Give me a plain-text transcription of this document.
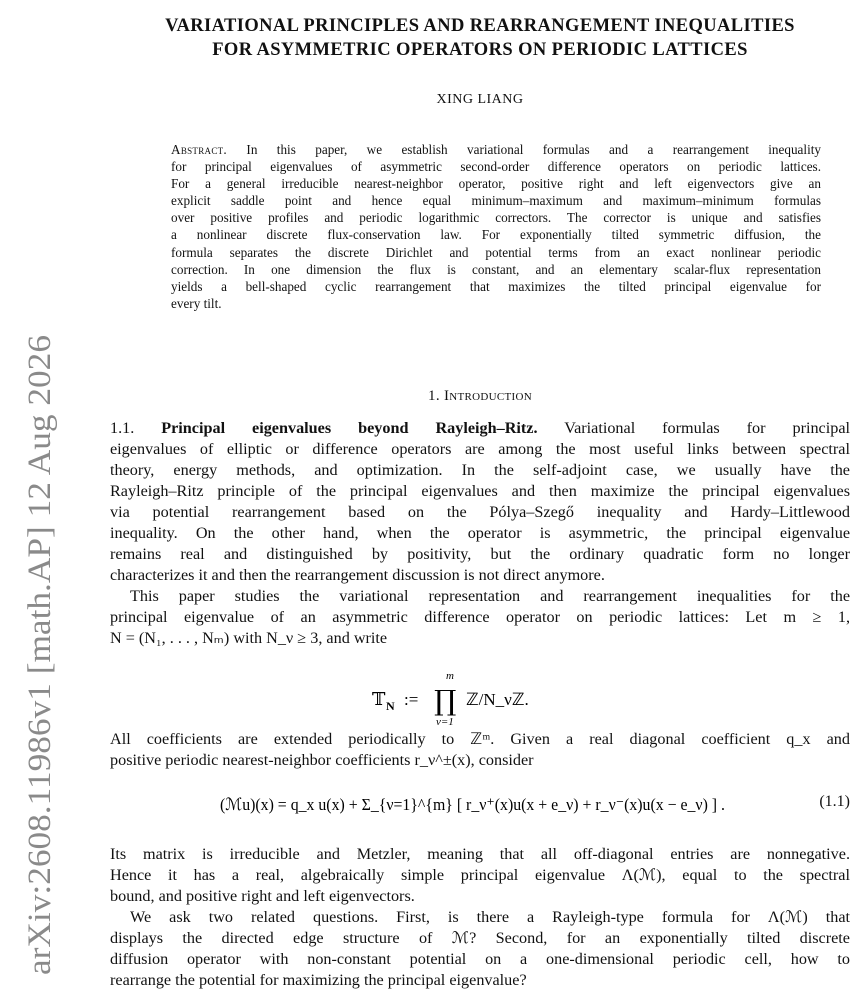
arXiv:2608.11986v1 [math.AP] 12 Aug 2026
VARIATIONAL PRINCIPLES AND REARRANGEMENT INEQUALITIES
FOR ASYMMETRIC OPERATORS ON PERIODIC LATTICES
XING LIANG
Abstract. In this paper, we establish variational formulas and a rearrangement inequality
for principal eigenvalues of asymmetric second-order difference operators on periodic lattices.
For a general irreducible nearest-neighbor operator, positive right and left eigenvectors give an
explicit saddle point and hence equal minimum–maximum and maximum–minimum formulas
over positive profiles and periodic logarithmic correctors. The corrector is unique and satisfies
a nonlinear discrete flux-conservation law. For exponentially tilted symmetric diffusion, the
formula separates the discrete Dirichlet and potential terms from an exact nonlinear periodic
correction. In one dimension the flux is constant, and an elementary scalar-flux representation
yields a bell-shaped cyclic rearrangement that maximizes the tilted principal eigenvalue for
every tilt.
1. Introduction
1.1. Principal eigenvalues beyond Rayleigh–Ritz. Variational formulas for principal
eigenvalues of elliptic or difference operators are among the most useful links between spectral
theory, energy methods, and optimization. In the self-adjoint case, we usually have the
Rayleigh–Ritz principle of the principal eigenvalues and then maximize the principal eigenvalues
via potential rearrangement based on the Pólya–Szegő inequality and Hardy–Littlewood
inequality. On the other hand, when the operator is asymmetric, the principal eigenvalue
remains real and distinguished by positivity, but the ordinary quadratic form no longer
characterizes it and then the rearrangement discussion is not direct anymore.
This paper studies the variational representation and rearrangement inequalities for the
principal eigenvalue of an asymmetric difference operator on periodic lattices: Let m ≥ 1,
N = (N₁, . . . , Nₘ) with N_ν ≥ 3, and write
𝕋 N :=
m
∏
ν=1
ℤ/N_νℤ.
All coefficients are extended periodically to ℤᵐ. Given a real diagonal coefficient q_x and
positive periodic nearest-neighbor coefficients r_ν^±(x), consider
(ℳu)(x) = q_x u(x) + Σ_{ν=1}^{m} [ r_ν⁺(x)u(x + e_ν) + r_ν⁻(x)u(x − e_ν) ] .	(1.1)
Its matrix is irreducible and Metzler, meaning that all off-diagonal entries are nonnegative.
Hence it has a real, algebraically simple principal eigenvalue Λ(ℳ), equal to the spectral
bound, and positive right and left eigenvectors.
We ask two related questions. First, is there a Rayleigh-type formula for Λ(ℳ) that
displays the directed edge structure of ℳ? Second, for an exponentially tilted discrete
diffusion operator with non-constant potential on a one-dimensional periodic cell, how to
rearrange the potential for maximizing the principal eigenvalue?
